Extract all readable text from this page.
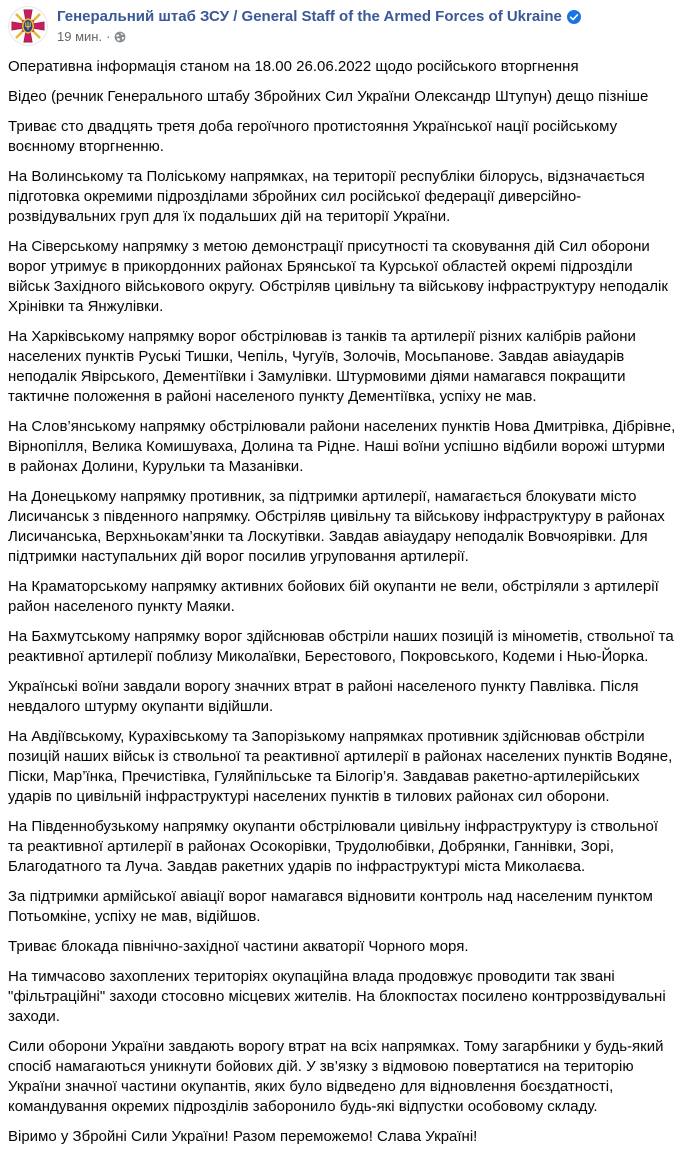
Генеральний штаб ЗСУ / General Staff of the Armed Forces of Ukraine
19 мин. ·

Оперативна інформація станом на 18.00 26.06.2022 щодо російського вторгнення

Відео (речник Генерального штабу Збройних Сил України Олександр Штупун) дещо пізніше

Триває сто двадцять третя доба героїчного протистояння Української нації російському воєнному вторгненню.

На Волинському та Поліському напрямках, на території республіки білорусь, відзначається підготовка окремими підрозділами збройних сил російської федерації диверсійно-розвідувальних груп для їх подальших дій на території України.

На Сіверському напрямку з метою демонстрації присутності та сковування дій Сил оборони ворог утримує в прикордонних районах Брянської та Курської областей окремі підрозділи військ Західного військового округу. Обстріляв цивільну та військову інфраструктуру неподалік Хрінівки та Янжулівки.

На Харківському напрямку ворог обстрілював із танків та артилерії різних калібрів райони населених пунктів Руські Тишки, Чепіль, Чугуїв, Золочів, Мосьпанове. Завдав авіаударів неподалік Явірського, Дементіївки і Замулівки. Штурмовими діями намагався покращити тактичне положення в районі населеного пункту Дементіївка, успіху не мав.

На Слов’янському напрямку обстрілювали райони населених пунктів Нова Дмитрівка, Дібрівне, Вірнопілля, Велика Комишуваха, Долина та Рідне. Наші воїни успішно відбили ворожі штурми в районах Долини, Курульки та Мазанівки.

На Донецькому напрямку противник, за підтримки артилерії, намагається блокувати місто Лисичанськ з південного напрямку. Обстріляв цивільну та військову інфраструктуру в районах Лисичанська, Верхньокам’янки та Лоскутівки. Завдав авіаудару неподалік Вовчоярівки. Для підтримки наступальних дій ворог посилив угруповання артилерії.

На Краматорському напрямку активних бойових бій окупанти не вели, обстріляли з артилерії район населеного пункту Маяки.

На Бахмутському напрямку ворог здійснював обстріли наших позицій із мінометів, ствольної та реактивної артилерії поблизу Миколаївки, Берестового, Покровського, Кодеми і Нью-Йорка.

Українські воїни завдали ворогу значних втрат в районі населеного пункту Павлівка. Після невдалого штурму окупанти відійшли.

На Авдіївському, Курахівському та Запорізькому напрямках противник здійснював обстріли позицій наших військ із ствольної та реактивної артилерії в районах населених пунктів Водяне, Піски, Мар’їнка, Пречистівка, Гуляйпільське та Білогір’я. Завдавав ракетно-артилерійських ударів по цивільній інфраструктурі населених пунктів в тилових районах сил оборони.

На Південнобузькому напрямку окупанти обстрілювали цивільну інфраструктуру із ствольної та реактивної артилерії в районах Осокорівки, Трудолюбівки, Добрянки, Ганнівки, Зорі, Благодатного та Луча. Завдав ракетних ударів по інфраструктурі міста Миколаєва.

За підтримки армійської авіації ворог намагався відновити контроль над населеним пунктом Потьомкіне, успіху не мав, відійшов.

Триває блокада північно-західної частини акваторії Чорного моря.

На тимчасово захоплених територіях окупаційна влада продовжує проводити так звані "фільтраційні" заходи стосовно місцевих жителів. На блокпостах посилено контррозвідувальні заходи.

Сили оборони України завдають ворогу втрат на всіх напрямках. Тому загарбники у будь-який спосіб намагаються уникнути бойових дій. У зв’язку з відмовою повертатися на територію України значної частини окупантів, яких було відведено для відновлення боєздатності, командування окремих підрозділів заборонило будь-які відпустки особовому складу.

Віримо у Збройні Сили України! Разом переможемо! Слава Україні!
